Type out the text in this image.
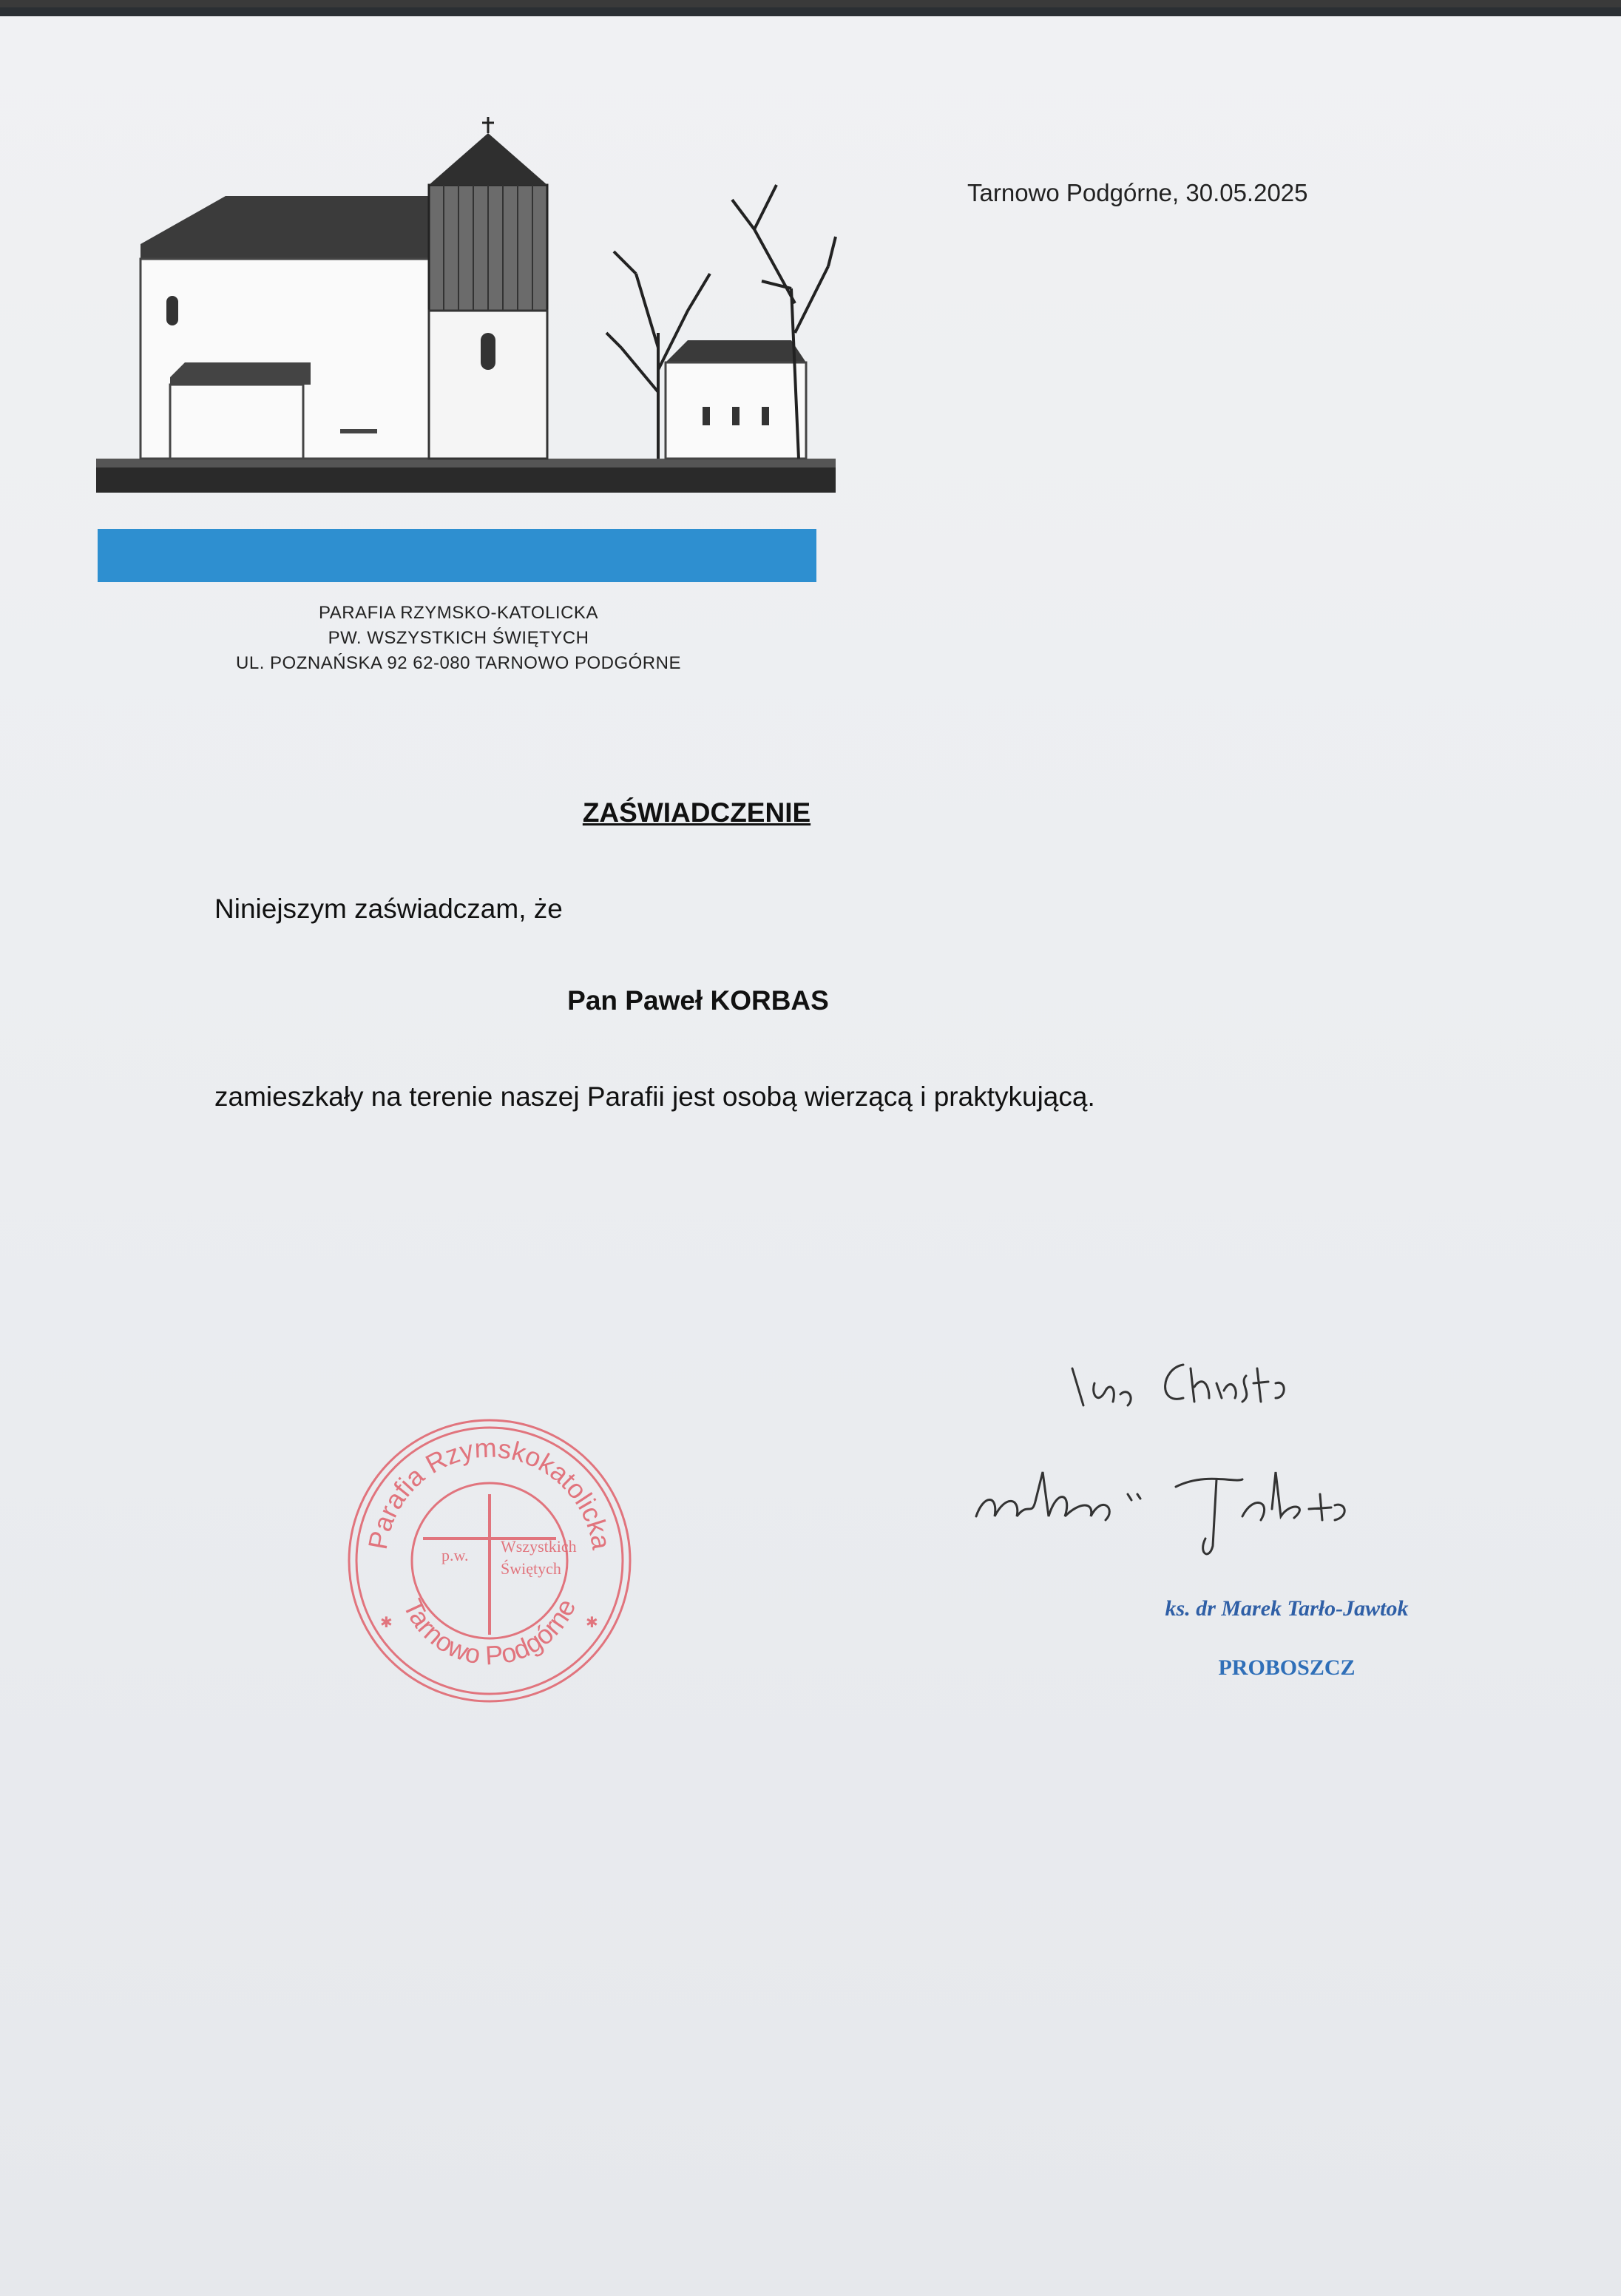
PARAFIA RZYMSKO-KATOLICKA
PW. WSZYSTKICH ŚWIĘTYCH
UL. POZNAŃSKA 92 62-080 TARNOWO PODGÓRNE
Tarnowo Podgórne, 30.05.2025
ZAŚWIADCZENIE
Niniejszym zaświadczam, że
Pan Paweł KORBAS
zamieszkały na terenie naszej Parafii jest osobą wierzącą i praktykującą.
Parafia Rzymskokatolicka
Tarnowo Podgórne
p.w. Wszystkich
Świętych
✱	✱
ks. dr Marek Tarło-Jawtok
PROBOSZCZ
